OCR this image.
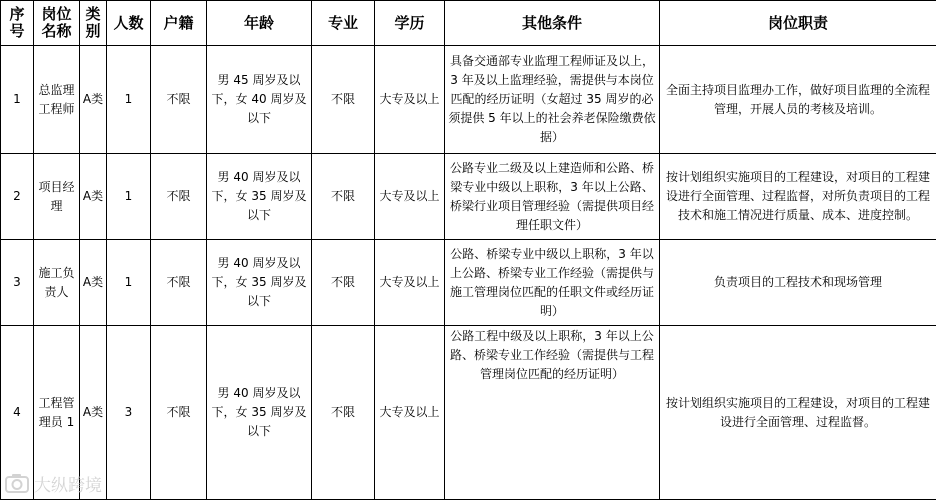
序号	岗位名称	类别	人数	户籍	年龄	专业	学历	其他条件	岗位职责
1	总监理工程师	A类	1	不限	男 45 周岁及以下，女 40 周岁及以下	不限	大专及以上	具备交通部专业监理工程师证及以上，3 年及以上监理经验，需提供与本岗位匹配的经历证明（女超过 35 周岁的必须提供 5 年以上的社会养老保险缴费依据）	全面主持项目监理办工作，做好项目监理的全流程管理，开展人员的考核及培训。
2	项目经理	A类	1	不限	男 40 周岁及以下，女 35 周岁及以下	不限	大专及以上	公路专业二级及以上建造师和公路、桥梁专业中级以上职称，3 年以上公路、桥梁行业项目管理经验（需提供项目经理任职文件）	按计划组织实施项目的工程建设，对项目的工程建设进行全面管理、过程监督，对所负责项目的工程技术和施工情况进行质量、成本、进度控制。
3	施工负责人	A类	1	不限	男 40 周岁及以下，女 35 周岁及以下	不限	大专及以上	公路、桥梁专业中级以上职称，3 年以上公路、桥梁专业工作经验（需提供与施工管理岗位匹配的任职文件或经历证明）	负责项目的工程技术和现场管理
4	工程管理员 1	A类	3	不限	男 40 周岁及以下，女 35 周岁及以下	不限	大专及以上	公路工程中级及以上职称，3 年以上公路、桥梁专业工作经验（需提供与工程管理岗位匹配的经历证明）	按计划组织实施项目的工程建设，对项目的工程建设进行全面管理、过程监督。
大纵跨境
